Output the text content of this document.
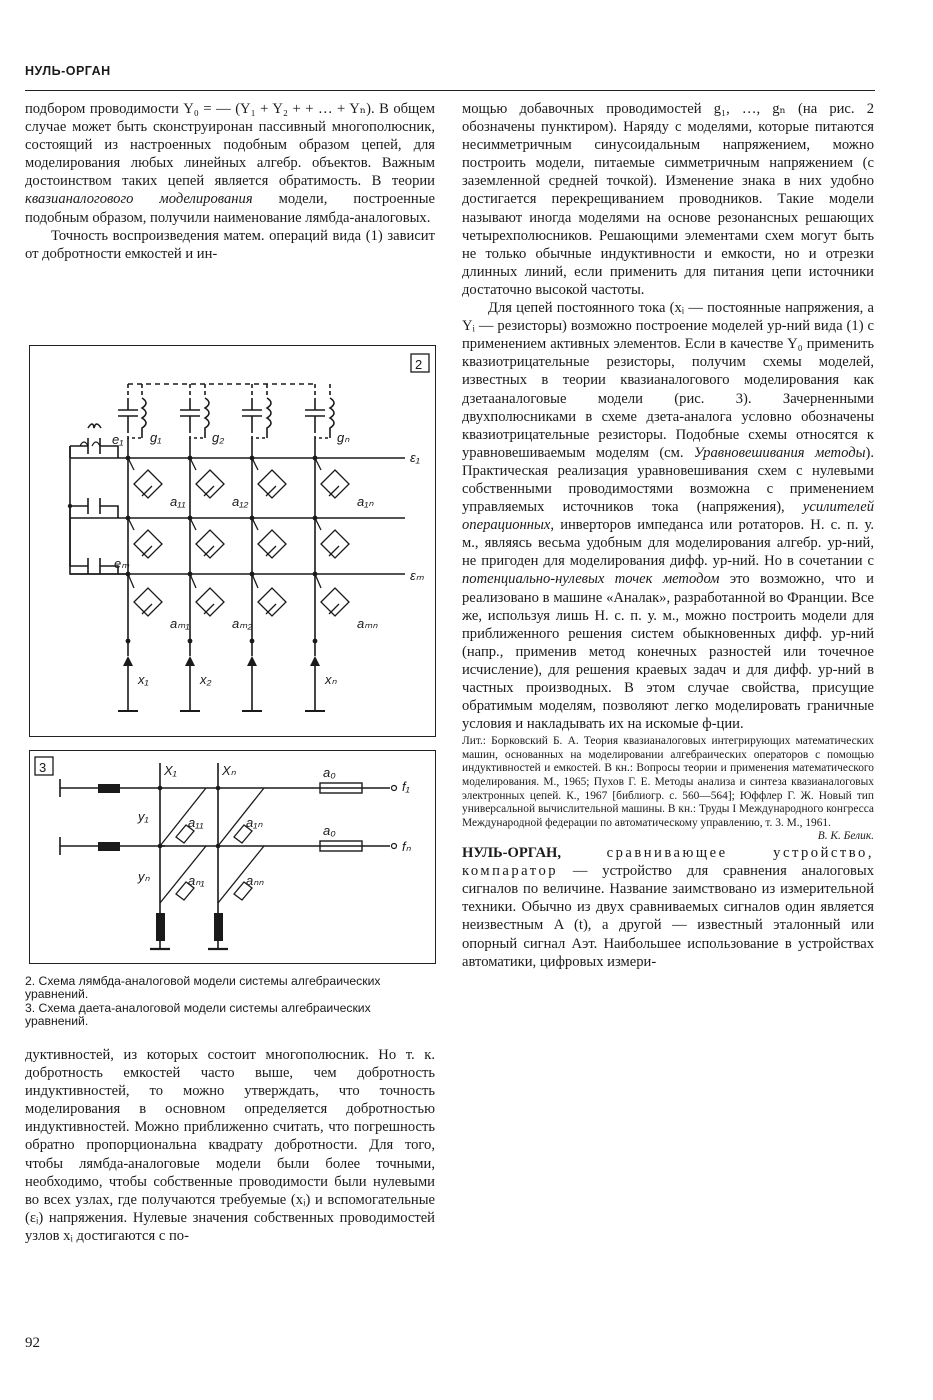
НУЛЬ-ОРГАН

подбором проводимости Y₀ = — (Y₁ + Y₂ + + … + Yₙ). В общем случае может быть сконструиронан пассивный многополюсник, состоящий из настроенных подобным образом цепей, для моделирования любых линейных алгебр. объектов. Важным достоинством таких цепей является обратимость. В теории квазианалогового моделирования модели, построенные подобным образом, получили наименование лямбда-аналоговых.

Точность воспроизведения матем. операций вида (1) зависит от добротности емкостей и ин-

2
e₁ g₁	g₂	gₙ
eₘ
ε₁
εₘ
a₁₁	a₁₂	a₁ₙ
aₘ₁	aₘ₂	aₘₙ
x₁	x₂	xₙ
3	X₁	Xₙ	a₀
a₀
f₁
fₙ
y₁
yₙ
a₁₁	a₁ₙ
aₙ₁	aₙₙ

2. Схема лямбда-аналоговой модели системы алгебраических уравнений.

3. Схема даета-аналоговой модели системы алгебраических уравнений.

дуктивностей, из которых состоит многополюсник. Но т. к. добротность емкостей часто выше, чем добротность индуктивностей, то можно утверждать, что точность моделирования в основном определяется добротностью индуктивностей. Можно приближенно считать, что погрешность обратно пропорциональна квадрату добротности. Для того, чтобы лямбда-аналоговые модели были более точными, необходимо, чтобы собственные проводимости были нулевыми во всех узлах, где получаются требуемые (xᵢ) и вспомогательные (εᵢ) напряжения. Нулевые значения собственных проводимостей узлов xᵢ достигаются с по-

мощью добавочных проводимостей g₁, …, gₙ (на рис. 2 обозначены пунктиром). Наряду с моделями, которые питаются несимметричным синусоидальным напряжением, можно построить модели, питаемые симметричным напряжением (с заземленной средней точкой). Изменение знака в них удобно достигается перекрещиванием проводников. Такие модели называют иногда моделями на основе резонансных решающих четырехполюсников. Решающими элементами схем могут быть не только обычные индуктивности и емкости, но и отрезки длинных линий, если применить для питания цепи источники достаточно высокой частоты.

Для цепей постоянного тока (xᵢ — постоянные напряжения, а Yᵢ — резисторы) возможно построение моделей ур-ний вида (1) с применением активных элементов. Если в качестве Y₀ применить квазиотрицательные резисторы, получим схемы моделей, известных в теории квазианалогового моделирования как дзетааналоговые модели (рис. 3). Зачерненными двухполюсниками в схеме дзета-аналога условно обозначены квазиотрицательные резисторы. Подобные схемы относятся к уравновешиваемым моделям (см. Уравновешивания методы). Практическая реализация уравновешивания схем с нулевыми собственными проводимостями возможна с применением управляемых источников тока (напряжения), усилителей операционных, инверторов импеданса или ротаторов. Н. с. п. у. м., являясь весьма удобным для моделирования алгебр. ур-ний, не пригоден для моделирования дифф. ур-ний. Но в сочетании с потенциально-нулевых точек методом это возможно, что и реализовано в машине «Аналак», разработанной во Франции. Все же, используя лишь Н. с. п. у. м., можно построить модели для приближенного решения систем обыкновенных дифф. ур-ний (напр., применив метод конечных разностей или точечное исчисление), для решения краевых задач и для дифф. ур-ний в частных производных. В этом случае свойства, присущие обратимым моделям, позволяют легко моделировать граничные условия и накладывать их на искомые ф-ции.

Лит.: Борковский Б. А. Теория квазианалоговых интегрирующих математических машин, основанных на моделировании алгебраических операторов с помощью индуктивностей и емкостей. В кн.: Вопросы теории и применения математического моделирования. М., 1965; Пухов Г. Е. Методы анализа и синтеза квазианалоговых электронных цепей. К., 1967 [библиогр. с. 560—564]; Юффлер Г. Ж. Новый тип универсальной вычислительной машины. В кн.: Труды I Международного конгресса Международной федерации по автоматическому управлению, т. 3. М., 1961.
В. К. Белик.

НУЛЬ-ОРГАН, сравнивающее устройство, компаратор — устройство для сравнения аналоговых сигналов по величине. Название заимствовано из измерительной техники. Обычно из двух сравниваемых сигналов один является неизвестным A (t), а другой — известный эталонный или опорный сигнал Aэт. Наибольшее использование в устройствах автоматики, цифровых измери-

92
